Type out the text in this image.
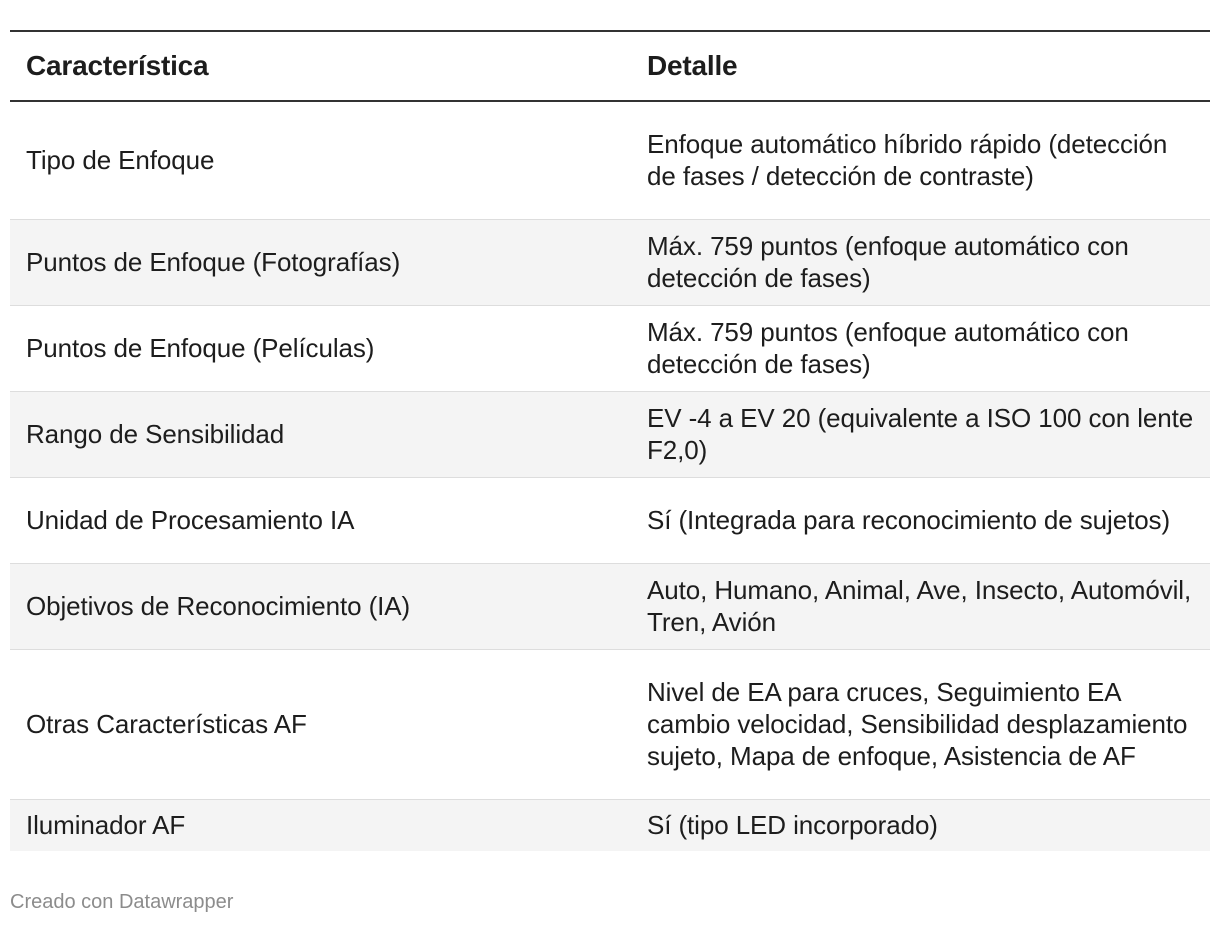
Característica	Detalle
Tipo de Enfoque	Enfoque automático híbrido rápido (detección de fases / detección de contraste)
Puntos de Enfoque (Fotografías)	Máx. 759 puntos (enfoque automático con detección de fases)
Puntos de Enfoque (Películas)	Máx. 759 puntos (enfoque automático con detección de fases)
Rango de Sensibilidad	EV -4 a EV 20 (equivalente a ISO 100 con lente F2,0)
Unidad de Procesamiento IA	Sí (Integrada para reconocimiento de sujetos)
Objetivos de Reconocimiento (IA)	Auto, Humano, Animal, Ave, Insecto, Automóvil, Tren, Avión
Otras Características AF	Nivel de EA para cruces, Seguimiento EA cambio velocidad, Sensibilidad desplazamiento sujeto, Mapa de enfoque, Asistencia de AF
Iluminador AF	Sí (tipo LED incorporado)
Creado con Datawrapper
